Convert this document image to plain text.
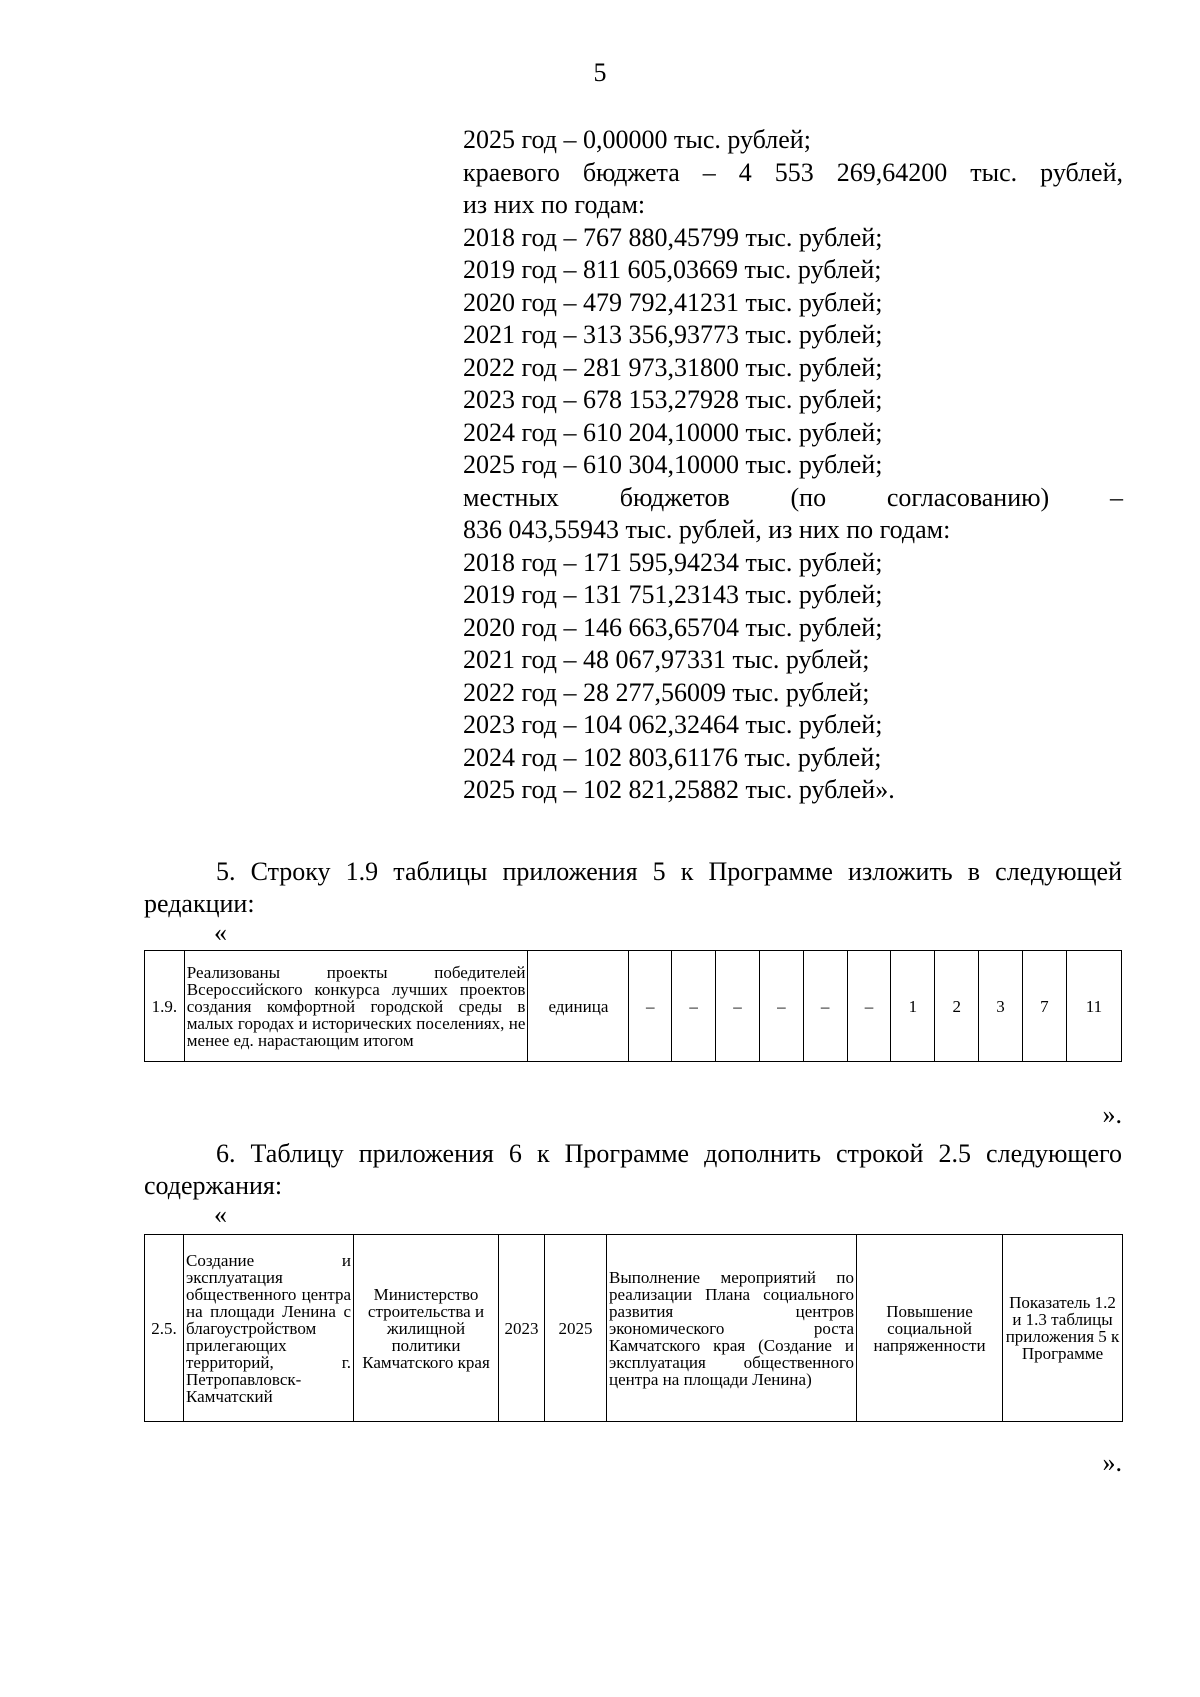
5
2025 год – 0,00000 тыс. рублей;
краевого бюджета – 4 553 269,64200 тыс. рублей,
из них по годам:
2018 год – 767 880,45799 тыс. рублей;
2019 год – 811 605,03669 тыс. рублей;
2020 год – 479 792,41231 тыс. рублей;
2021 год – 313 356,93773 тыс. рублей;
2022 год – 281 973,31800 тыс. рублей;
2023 год – 678 153,27928 тыс. рублей;
2024 год – 610 204,10000 тыс. рублей;
2025 год – 610 304,10000 тыс. рублей;
местных бюджетов (по согласованию) –
836 043,55943 тыс. рублей, из них по годам:
2018 год – 171 595,94234 тыс. рублей;
2019 год – 131 751,23143 тыс. рублей;
2020 год – 146 663,65704 тыс. рублей;
2021 год – 48 067,97331 тыс. рублей;
2022 год – 28 277,56009 тыс. рублей;
2023 год – 104 062,32464 тыс. рублей;
2024 год – 102 803,61176 тыс. рублей;
2025 год – 102 821,25882 тыс. рублей».
5. Строку 1.9 таблицы приложения 5 к Программе изложить в следующей редакции:
«
1.9.	Реализованы проекты победителей Всероссийского конкурса лучших проектов создания комфортной городской среды в малых городах и исторических поселениях, не менее ед. нарастающим итогом	единица	–	–	–	–	–	–	1	2	3	7	11
».
6. Таблицу приложения 6 к Программе дополнить строкой 2.5 следующего содержания:
«
2.5.	Создание и эксплуатация общественного центра на площади Ленина с благоустройством прилегающих территорий, г. Петропавловск-Камчатский	Министерство строительства и жилищной политики Камчатского края	2023	2025	Выполнение мероприятий по реализации Плана социального развития центров экономического роста Камчатского края (Создание и эксплуатация общественного центра на площади Ленина)	Повышение социальной напряженности	Показатель 1.2 и 1.3 таблицы приложения 5 к Программе
».
